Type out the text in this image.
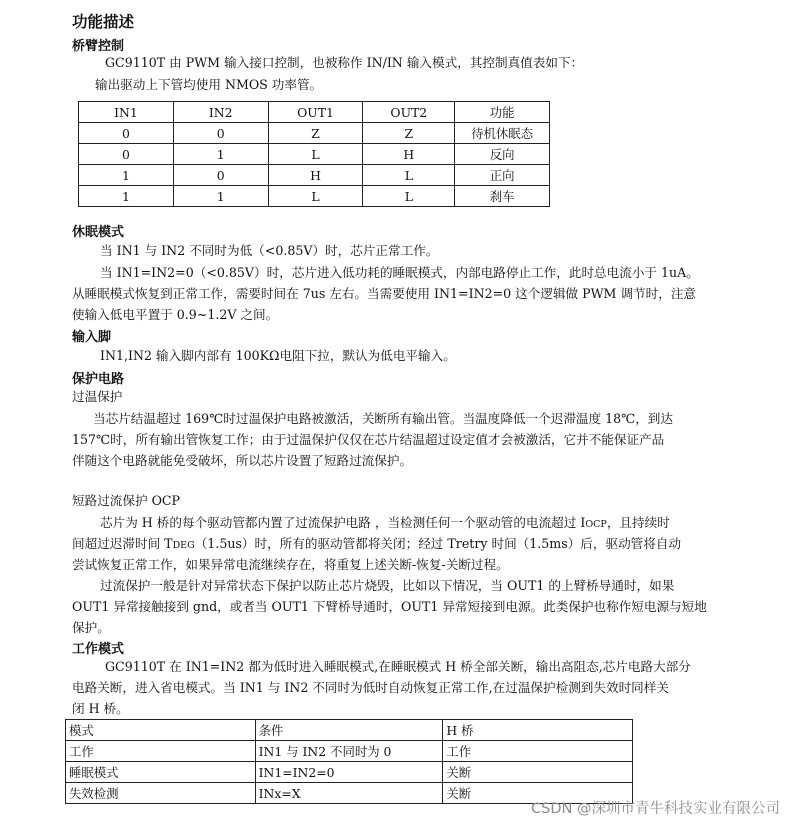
功能描述
桥臂控制
GC9110T 由 PWM 输入接口控制，也被称作 IN/IN 输入模式，其控制真值表如下：
输出驱动上下管均使用 NMOS 功率管。
IN1	IN2	OUT1	OUT2	功能
0	0	Z	Z	待机休眠态
0	1	L	H	反向
1	0	H	L	正向
1	1	L	L	刹车
休眠模式
当 IN1 与 IN2 不同时为低（<0.85V）时，芯片正常工作。
当 IN1=IN2=0（<0.85V）时，芯片进入低功耗的睡眠模式，内部电路停止工作，此时总电流小于 1uA。
从睡眠模式恢复到正常工作，需要时间在 7us 左右。当需要使用 IN1=IN2=0 这个逻辑做 PWM 调节时，注意
使输入低电平置于 0.9~1.2V 之间。
输入脚
IN1,IN2 输入脚内部有 100KΩ电阻下拉，默认为低电平输入。
保护电路
过温保护
当芯片结温超过 169℃时过温保护电路被激活，关断所有输出管。当温度降低一个迟滞温度 18℃，到达
157℃时，所有输出管恢复工作；由于过温保护仅仅在芯片结温超过设定值才会被激活，它并不能保证产品
伴随这个电路就能免受破坏，所以芯片设置了短路过流保护。
短路过流保护 OCP
芯片为 H 桥的每个驱动管都内置了过流保护电路 ，当检测任何一个驱动管的电流超过 IOCP，且持续时
间超过迟滞时间 TDEG（1.5us）时，所有的驱动管都将关闭；经过 Tretry 时间（1.5ms）后，驱动管将自动
尝试恢复正常工作，如果异常电流继续存在，将重复上述关断-恢复-关断过程。
过流保护一般是针对异常状态下保护以防止芯片烧毁，比如以下情况，当 OUT1 的上臂桥导通时，如果
OUT1 异常接触接到 gnd，或者当 OUT1 下臂桥导通时，OUT1 异常短接到电源。此类保护也称作短电源与短地
保护。
工作模式
GC9110T 在 IN1=IN2 都为低时进入睡眠模式,在睡眠模式 H 桥全部关断，输出高阻态,芯片电路大部分
电路关断，进入省电模式。当 IN1 与 IN2 不同时为低时自动恢复正常工作,在过温保护检测到失效时同样关
闭 H 桥。
模式	条件	H 桥
工作	IN1 与 IN2 不同时为 0	工作
睡眠模式	IN1=IN2=0	关断
失效检测	INx=X	关断
CSDN @深圳市青牛科技实业有限公司
